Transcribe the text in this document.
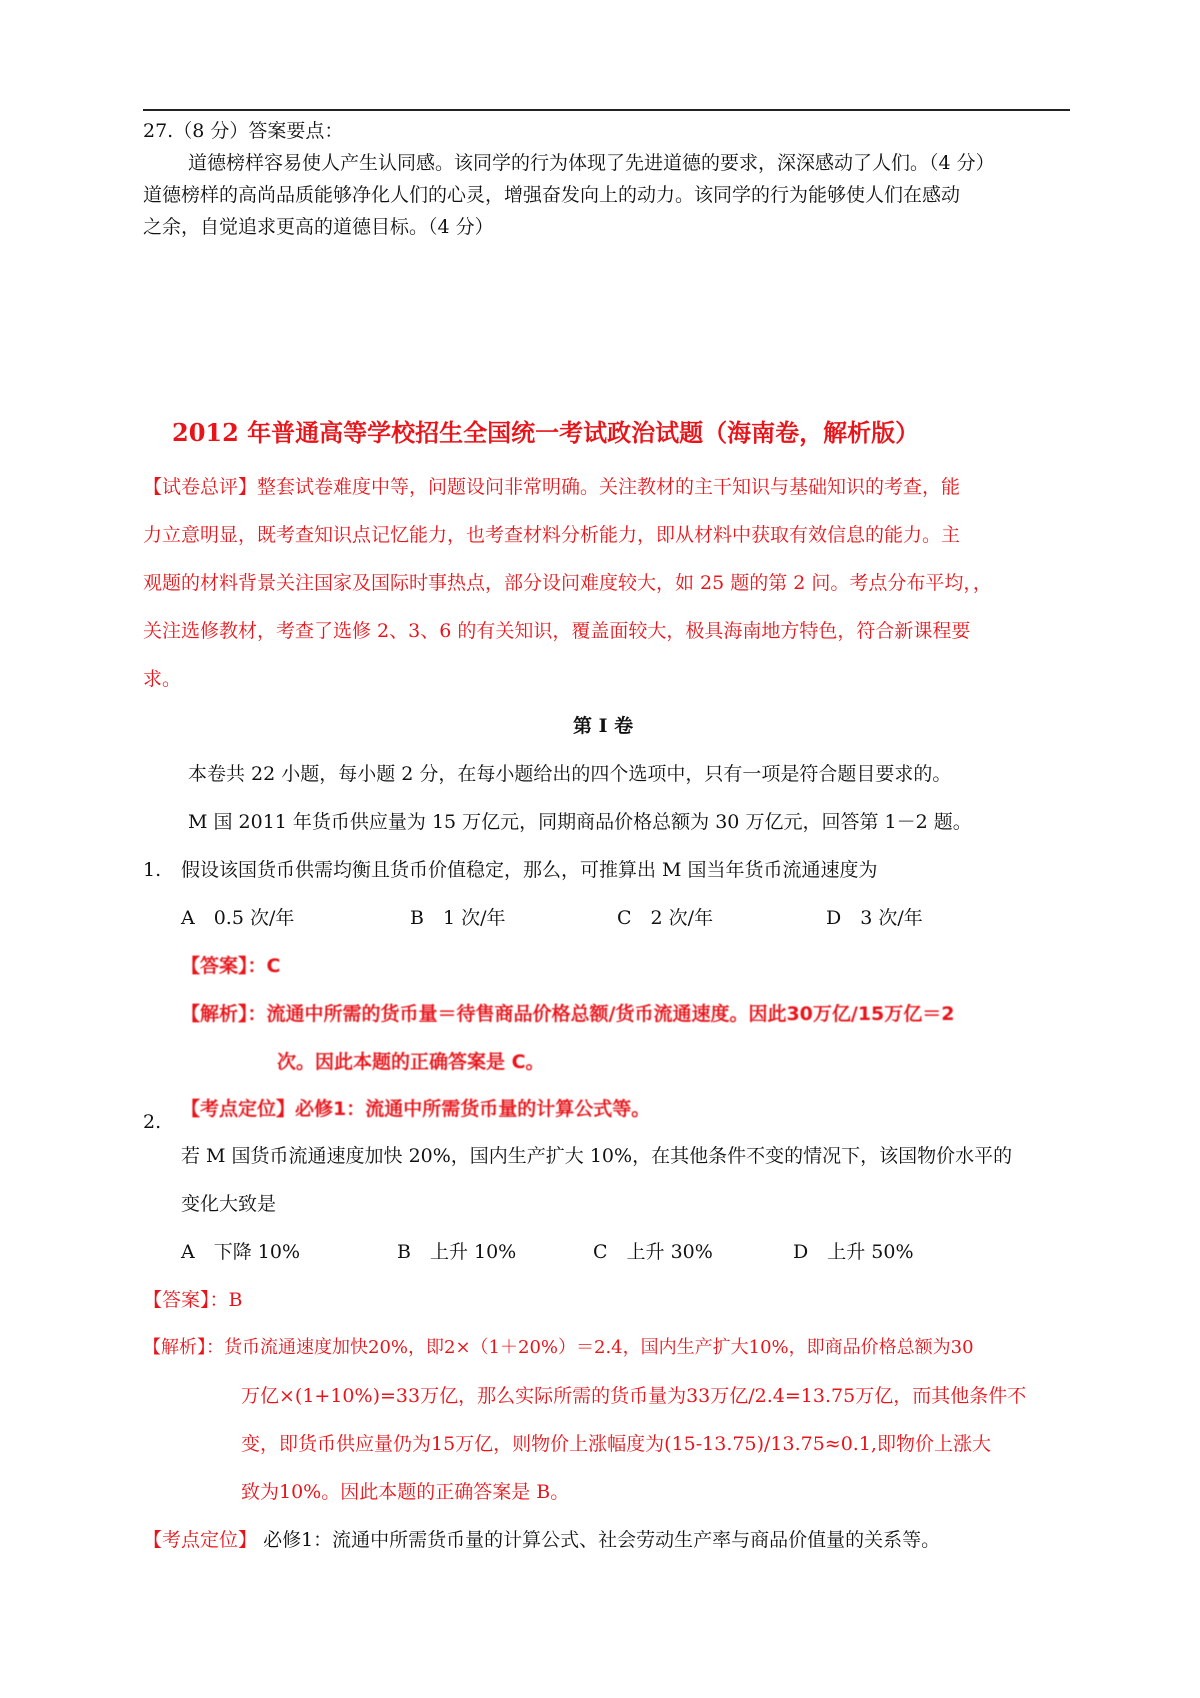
27.（8 分）答案要点：
道德榜样容易使人产生认同感。该同学的行为体现了先进道德的要求，深深感动了人们。（4 分）
道德榜样的高尚品质能够净化人们的心灵，增强奋发向上的动力。该同学的行为能够使人们在感动
之余，自觉追求更高的道德目标。（4 分）
2012 年普通高等学校招生全国统一考试政治试题（海南卷，解析版）
【试卷总评】整套试卷难度中等，问题设问非常明确。关注教材的主干知识与基础知识的考查，能
力立意明显，既考查知识点记忆能力，也考查材料分析能力，即从材料中获取有效信息的能力。主
观题的材料背景关注国家及国际时事热点，部分设问难度较大，如 25 题的第 2 问。考点分布平均，，
关注选修教材，考查了选修 2、3、6 的有关知识，覆盖面较大，极具海南地方特色，符合新课程要
求。
第 I 卷
本卷共 22 小题，每小题 2 分，在每小题给出的四个选项中，只有一项是符合题目要求的。
M 国 2011 年货币供应量为 15 万亿元，同期商品价格总额为 30 万亿元，回答第 1－2 题。
1. 假设该国货币供需均衡且货币价值稳定，那么，可推算出 M 国当年货币流通速度为
A　0.5 次/年	B　1 次/年	C　2 次/年	D　3 次/年
【答案】：C
【解析】：流通中所需的货币量＝待售商品价格总额/货币流通速度。因此30万亿/15万亿＝2
次。因此本题的正确答案是 C。
2.
【考点定位】必修1：流通中所需货币量的计算公式等。
若 M 国货币流通速度加快 20%，国内生产扩大 10%，在其他条件不变的情况下，该国物价水平的
变化大致是
A　下降 10%	B　上升 10%	C　上升 30%	D　上升 50%
【答案】：B
【解析】：货币流通速度加快20%，即2×（1＋20%）＝2.4，国内生产扩大10%，即商品价格总额为30
万亿×(1+10%)=33万亿，那么实际所需的货币量为33万亿/2.4=13.75万亿，而其他条件不
变，即货币供应量仍为15万亿，则物价上涨幅度为(15-13.75)/13.75≈0.1,即物价上涨大
致为10%。因此本题的正确答案是 B。
【考点定位】 必修1：流通中所需货币量的计算公式、社会劳动生产率与商品价值量的关系等。
